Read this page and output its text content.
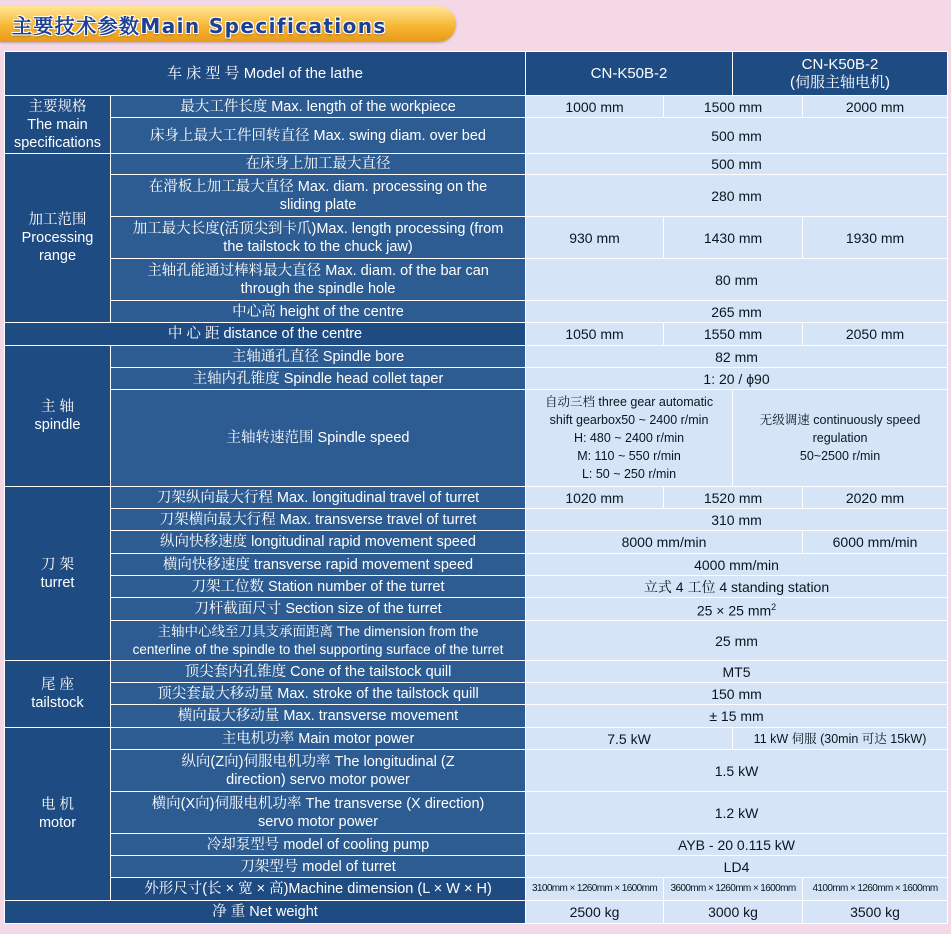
主要技术参数Main Specifications
车 床 型 号 Model of the lathe		CN-K50B-2		CN-K50B-2
(伺服主轴电机)	

主要规格
The main
specifications	最大工件长度 Max. length of the workpiece	1000 mm	1500 mm		2000 mm
	床身上最大工件回转直径 Max. swing diam. over bed	500 mm			

加工范围
Processing
range	在床身上加工最大直径	500 mm			

	在滑板上加工最大直径 Max. diam. processing on the
sliding plate	280 mm			

	加工最大长度(活顶尖到卡爪)Max. length processing (from
the tailstock to the chuck jaw)	930 mm	1430 mm		1930 mm

	主轴孔能通过棒料最大直径 Max. diam. of the bar can
through the spindle hole	80 mm			
	中心高 height of the centre	265 mm			
中 心 距 distance of the centre		1050 mm	1550 mm		2050 mm

主 轴
spindle	主轴通孔直径 Spindle bore	82 mm			
	主轴内孔锥度 Spindle head collet taper	1: 20 / ϕ90			
	主轴转速范围 Spindle speed	自动三档 three gear automatic
shift gearbox50 ~ 2400 r/min
H: 480 ~ 2400 r/min
M: 110 ~ 550 r/min
L: 50 ~ 250 r/min		无级调速 continuously speed
regulation
50~2500 r/min	

刀 架
turret	刀架纵向最大行程 Max. longitudinal travel of turret	1020 mm	1520 mm		2020 mm
	刀架横向最大行程 Max. transverse travel of turret	310 mm			
	纵向快移速度 longitudinal rapid movement speed	8000 mm/min			6000 mm/min
	横向快移速度 transverse rapid movement speed	4000 mm/min			
	刀架工位数 Station number of the turret	立式 4 工位 4 standing station			
	刀杆截面尺寸 Section size of the turret	25 × 25 $mm^2$

	主轴中心线至刀具支承面距离 The dimension from the
centerline of the spindle to thel supporting surface of the turret	25 mm			

尾 座
tailstock	顶尖套内孔锥度 Cone of the tailstock quill	MT5			
	顶尖套最大移动量 Max. stroke of the tailstock quill	150 mm			
	横向最大移动量 Max. transverse movement	± 15 mm			

电 机
motor	主电机功率 Main motor power	7.5 kW		11 kW 伺服 (30min 可达 15kW)	

	纵向(Z向)伺服电机功率 The longitudinal (Z
direction) servo motor power	1.5 kW			

	横向(X向)伺服电机功率 The transverse (X direction)
servo motor power	1.2 kW			
	冷却泵型号 model of cooling pump	AYB - 20 0.115 kW			
	刀架型号 model of turret	LD4			
	外形尺寸(长 × 宽 × 高)Machine dimension (L × W × H)	3100mm × 1260mm × 1600mm	3600mm × 1260mm × 1600mm		4100mm × 1260mm × 1600mm
净 重 Net weight		2500 kg	3000 kg		3500 kg
